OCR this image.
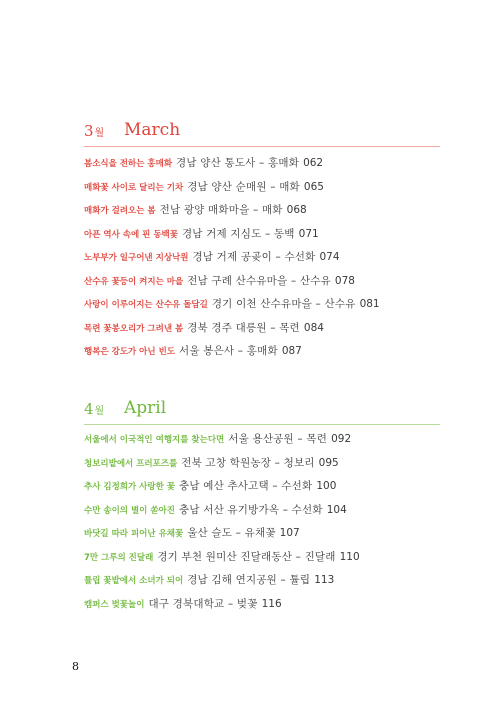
3월 March
봄소식을 전하는 홍매화 경남 양산 통도사 – 홍매화 062
매화꽃 사이로 달리는 기차 경남 양산 순매원 – 매화 065
매화가 걸려오는 봄 전남 광양 매화마을 – 매화 068
아픈 역사 속에 핀 동백꽃 경남 거제 지심도 – 동백 071
노부부가 일구어낸 지상낙원 경남 거제 공곶이 – 수선화 074
산수유 꽃등이 켜지는 마을 전남 구례 산수유마을 – 산수유 078
사랑이 이루어지는 산수유 돌담길 경기 이천 산수유마을 – 산수유 081
목련 꽃봉오리가 그려낸 봄 경북 경주 대릉원 – 목련 084
행복은 강도가 아닌 빈도 서울 봉은사 – 홍매화 087
4월 April
서울에서 이국적인 여행지를 찾는다면 서울 용산공원 – 목련 092
청보리밭에서 프러포즈를 전북 고창 학원농장 – 청보리 095
추사 김정희가 사랑한 꽃 충남 예산 추사고택 – 수선화 100
수만 송이의 별이 쏟아진 충남 서산 유기방가옥 – 수선화 104
바닷길 따라 피어난 유채꽃 울산 슬도 – 유채꽃 107
7만 그루의 진달래 경기 부천 원미산 진달래동산 – 진달래 110
튤립 꽃밭에서 소녀가 되어 경남 김해 연지공원 – 튤립 113
캠퍼스 벚꽃놀이 대구 경북대학교 – 벚꽃 116
8
